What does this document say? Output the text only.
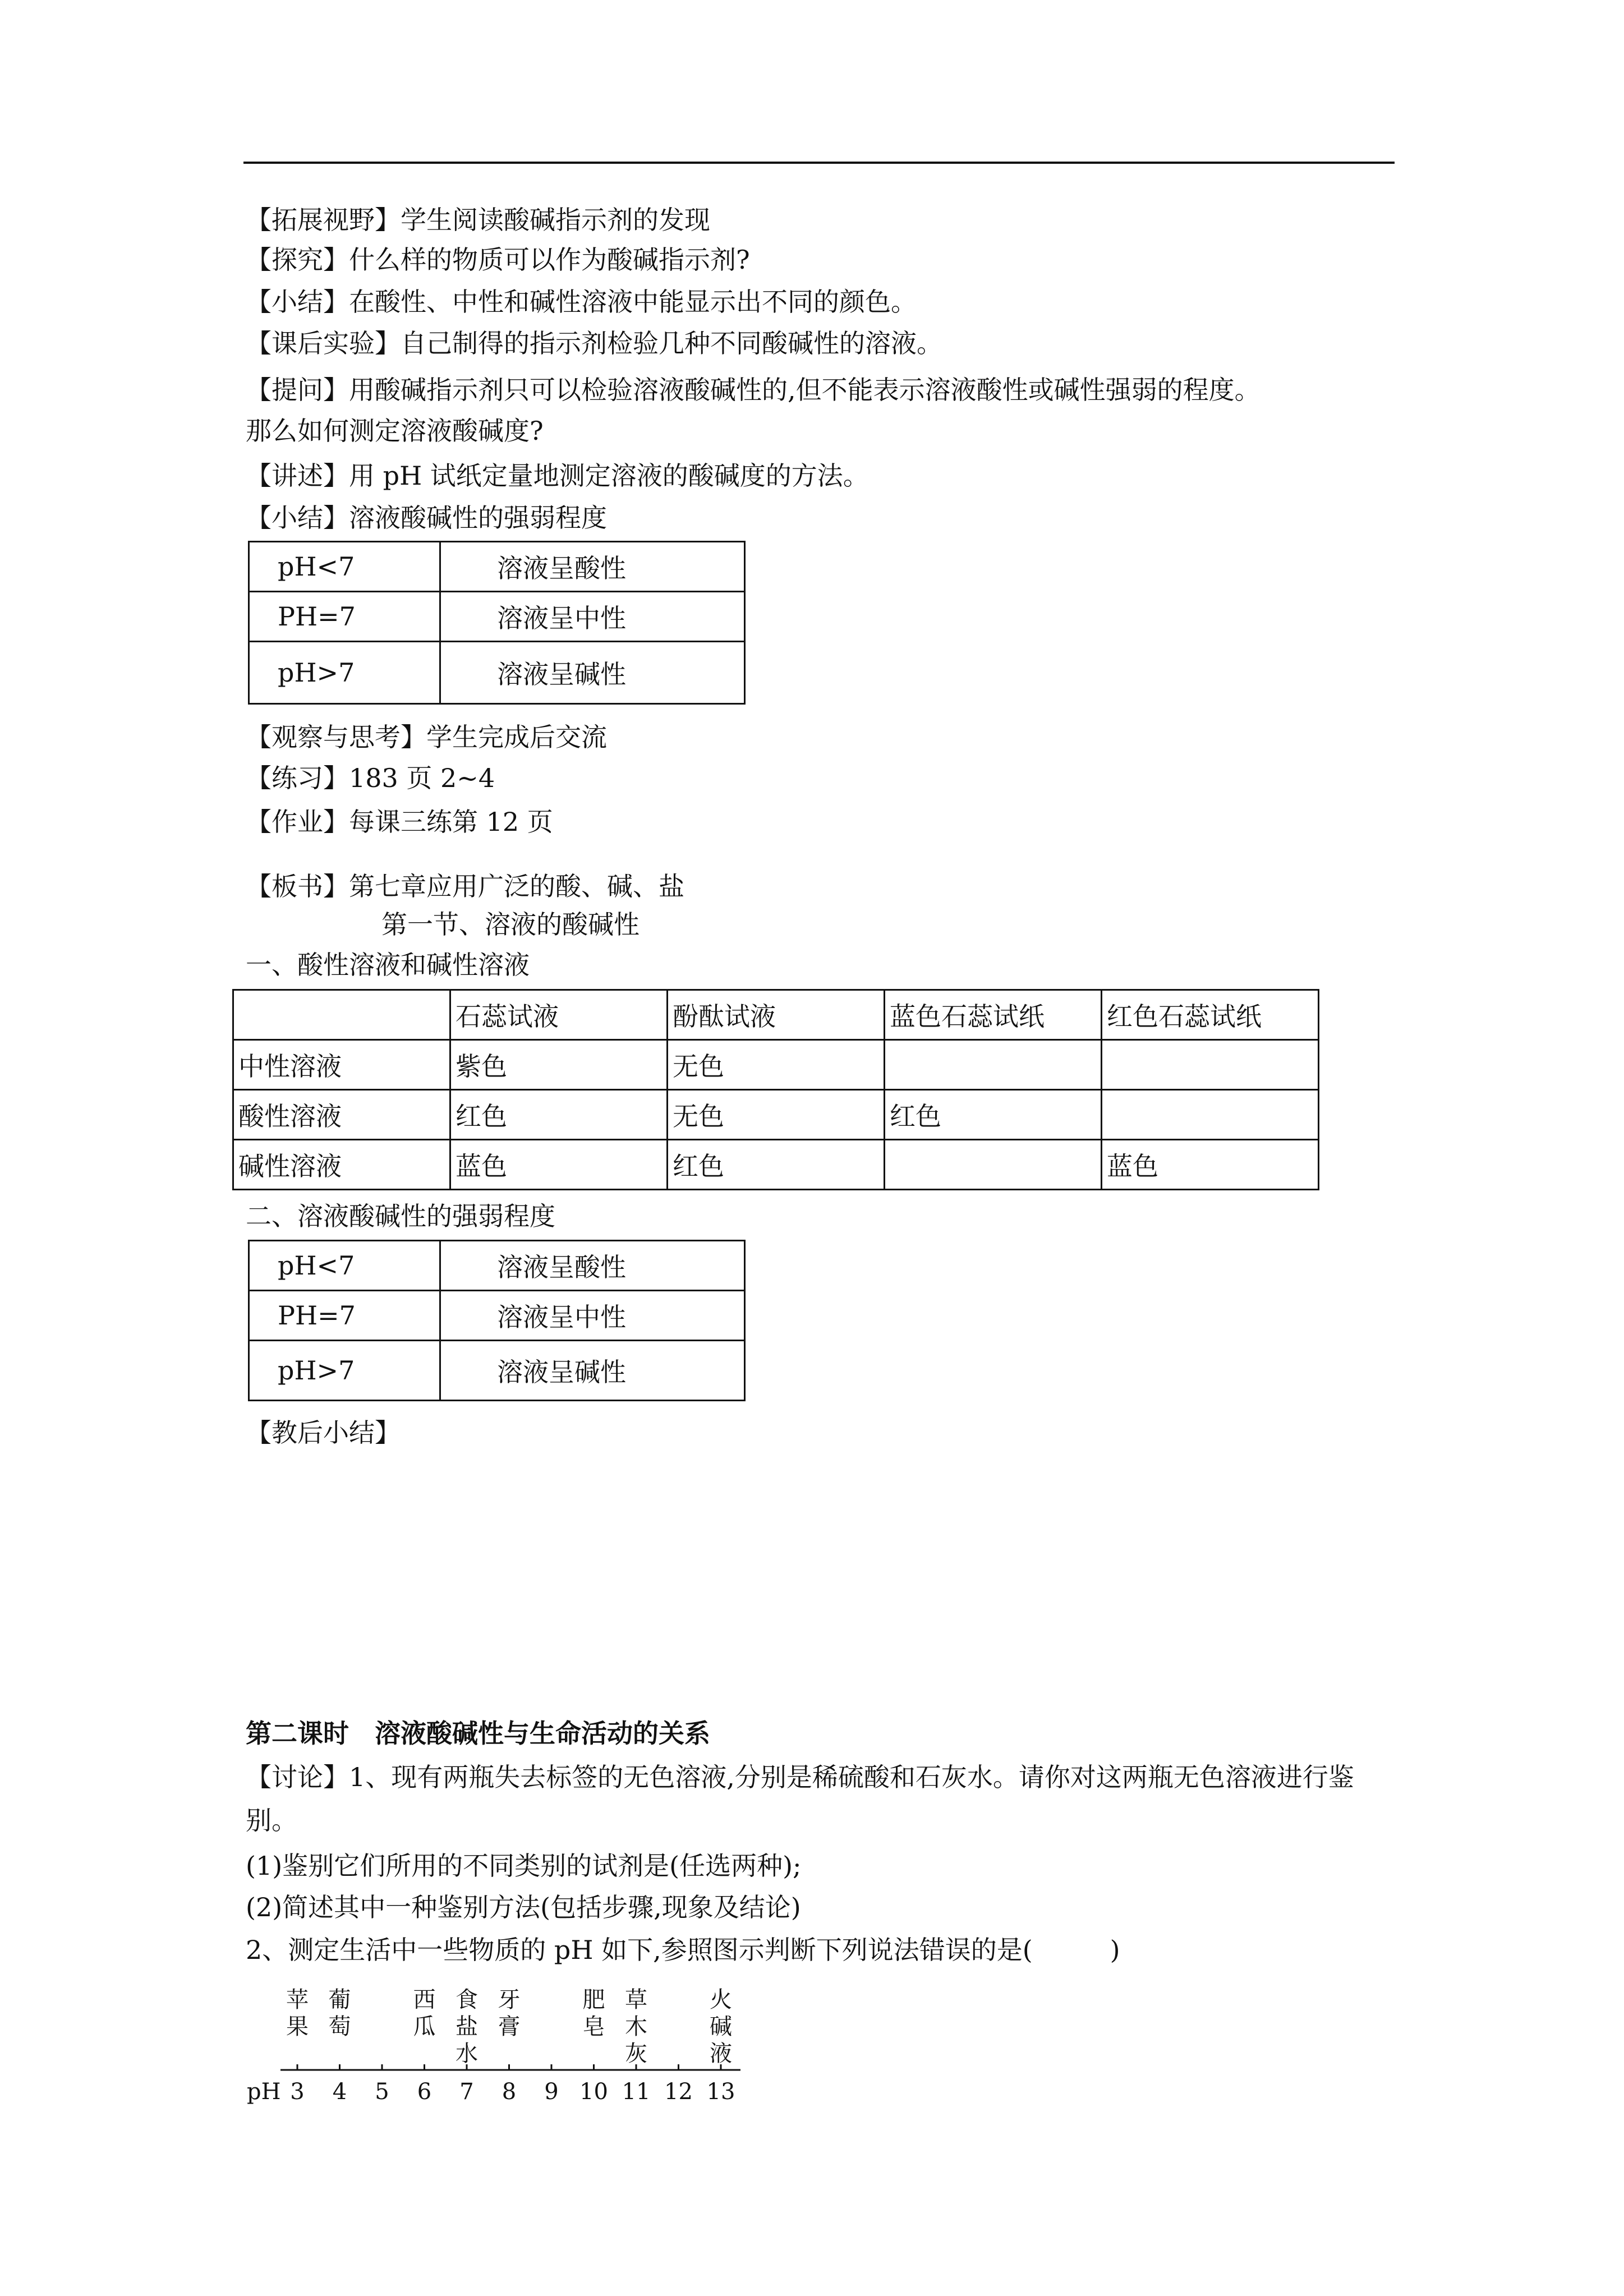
【拓展视野】学生阅读酸碱指示剂的发现

【探究】什么样的物质可以作为酸碱指示剂?

【小结】在酸性、中性和碱性溶液中能显示出不同的颜色。

【课后实验】自己制得的指示剂检验几种不同酸碱性的溶液。

【提问】用酸碱指示剂只可以检验溶液酸碱性的,但不能表示溶液酸性或碱性强弱的程度。

那么如何测定溶液酸碱度?

【讲述】用 pH 试纸定量地测定溶液的酸碱度的方法。

【小结】溶液酸碱性的强弱程度

pH<7	溶液呈酸性
PH=7	溶液呈中性
pH>7	溶液呈碱性

【观察与思考】学生完成后交流

【练习】183 页 2~4

【作业】每课三练第 12 页

【板书】第七章应用广泛的酸、碱、盐

第一节、溶液的酸碱性

一、酸性溶液和碱性溶液

	石蕊试液	酚酞试液	蓝色石蕊试纸	红色石蕊试纸
中性溶液	紫色	无色		
酸性溶液	红色	无色	红色	
碱性溶液	蓝色	红色		蓝色

二、溶液酸碱性的强弱程度

pH<7	溶液呈酸性
PH=7	溶液呈中性
pH>7	溶液呈碱性

【教后小结】

第二课时　溶液酸碱性与生命活动的关系

【讨论】1、现有两瓶失去标签的无色溶液,分别是稀硫酸和石灰水。请你对这两瓶无色溶液进行鉴别。

(1)鉴别它们所用的不同类别的试剂是(任选两种);

(2)简述其中一种鉴别方法(包括步骤,现象及结论)

2、测定生活中一些物质的 pH 如下,参照图示判断下列说法错误的是(　　　)

3 4 5 6 7 8 9 10 11 12 13
pH
苹
果
葡
萄
西
瓜
食
盐
水
牙
膏
肥
皂
草
木
灰
火
碱
液
